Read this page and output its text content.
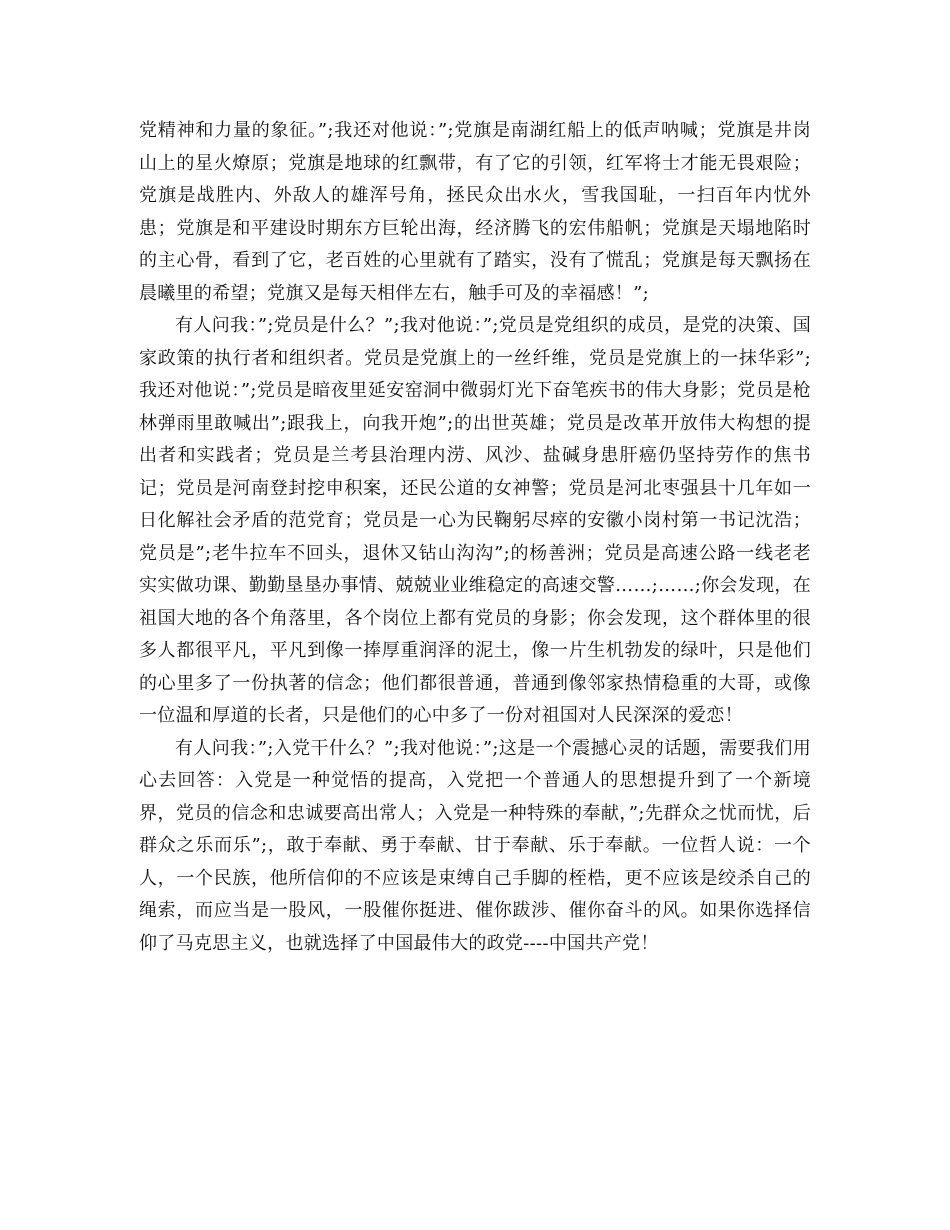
党精神和力量的象征。”;我还对他说：”;党旗是南湖红船上的低声呐喊；党旗是井岗山上的星火燎原；党旗是地球的红飘带，有了它的引领，红军将士才能无畏艰险；党旗是战胜内、外敌人的雄浑号角，拯民众出水火，雪我国耻，一扫百年内忧外患；党旗是和平建设时期东方巨轮出海，经济腾飞的宏伟船帆；党旗是天塌地陷时的主心骨，看到了它，老百姓的心里就有了踏实，没有了慌乱；党旗是每天飘扬在晨曦里的希望；党旗又是每天相伴左右，触手可及的幸福感！”;

有人问我：”;党员是什么？”;我对他说：”;党员是党组织的成员，是党的决策、国家政策的执行者和组织者。党员是党旗上的一丝纤维，党员是党旗上的一抹华彩”;我还对他说：”;党员是暗夜里延安窑洞中微弱灯光下奋笔疾书的伟大身影；党员是枪林弹雨里敢喊出”;跟我上，向我开炮”;的出世英雄；党员是改革开放伟大构想的提出者和实践者；党员是兰考县治理内涝、风沙、盐碱身患肝癌仍坚持劳作的焦书记；党员是河南登封挖申积案，还民公道的女神警；党员是河北枣强县十几年如一日化解社会矛盾的范党育；党员是一心为民鞠躬尽瘁的安徽小岗村第一书记沈浩；党员是”;老牛拉车不回头，退休又钻山沟沟”;的杨善洲；党员是高速公路一线老老实实做功课、勤勤垦垦办事情、兢兢业业维稳定的高速交警……;……;你会发现，在祖国大地的各个角落里，各个岗位上都有党员的身影；你会发现，这个群体里的很多人都很平凡，平凡到像一捧厚重润泽的泥土，像一片生机勃发的绿叶，只是他们的心里多了一份执著的信念；他们都很普通，普通到像邻家热情稳重的大哥，或像一位温和厚道的长者，只是他们的心中多了一份对祖国对人民深深的爱恋！

有人问我：”;入党干什么？”;我对他说：”;这是一个震撼心灵的话题，需要我们用心去回答：入党是一种觉悟的提高，入党把一个普通人的思想提升到了一个新境界，党员的信念和忠诚要高出常人；入党是一种特殊的奉献，”;先群众之忧而忧，后群众之乐而乐”;，敢于奉献、勇于奉献、甘于奉献、乐于奉献。一位哲人说：一个人，一个民族，他所信仰的不应该是束缚自己手脚的桎梏，更不应该是绞杀自己的绳索，而应当是一股风，一股催你挺进、催你跋涉、催你奋斗的风。如果你选择信仰了马克思主义，也就选择了中国最伟大的政党----中国共产党！
